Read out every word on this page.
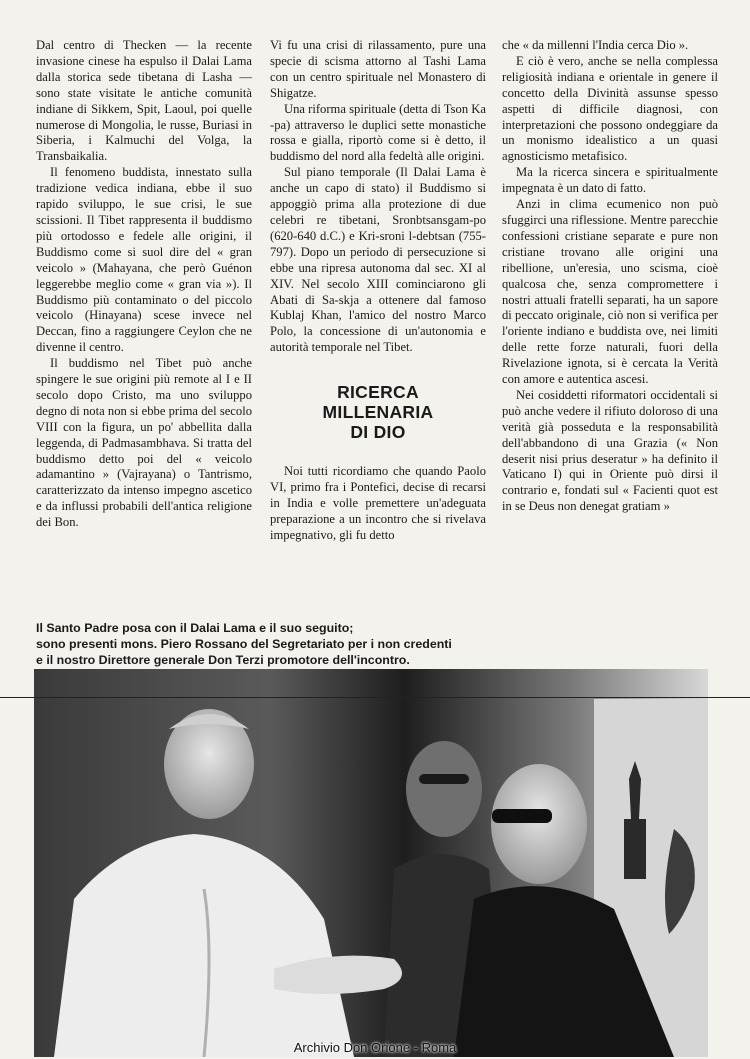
Dal centro di Thecken — la recente invasione cinese ha espulso il Dalai Lama dalla storica sede tibetana di Lasha — sono state visitate le antiche comunità indiane di Sikkem, Spit, Laoul, poi quelle numerose di Mongolia, le russe, Buriasi in Siberia, i Kalmuchi del Volga, la Transbaikalia.

Il fenomeno buddista, innestato sulla tradizione vedica indiana, ebbe il suo rapido sviluppo, le sue crisi, le sue scissioni. Il Tibet rappresenta il buddismo più ortodosso e fedele alle origini, il Buddismo come si suol dire del « gran veicolo » (Mahayana, che però Guénon leggerebbe meglio come « gran via »). Il Buddismo più contaminato o del piccolo veicolo (Hinayana) scese invece nel Deccan, fino a raggiungere Ceylon che ne divenne il centro.

Il buddismo nel Tibet può anche spingere le sue origini più remote al I e II secolo dopo Cristo, ma uno sviluppo degno di nota non si ebbe prima del secolo VIII con la figura, un po' abbellita dalla leggenda, di Padmasambhava. Si tratta del buddismo detto poi del « veicolo adamantino » (Vajrayana) o Tantrismo, caratterizzato da intenso impegno ascetico e da influssi probabili dell'antica religione dei Bon.

Vi fu una crisi di rilassamento, pure una specie di scisma attorno al Tashi Lama con un centro spirituale nel Monastero di Shigatze.

Una riforma spirituale (detta di Tson Ka -pa) attraverso le duplici sette monastiche rossa e gialla, riportò come si è detto, il buddismo del nord alla fedeltà alle origini.

Sul piano temporale (Il Dalai Lama è anche un capo di stato) il Buddismo si appoggiò prima alla protezione di due celebri re tibetani, Sronbtsansgam-po (620-640 d.C.) e Kri-sroni l-debtsan (755-797). Dopo un periodo di persecuzione si ebbe una ripresa autonoma dal sec. XI al XIV. Nel secolo XIII cominciarono gli Abati di Sa-skja a ottenere dal famoso Kublaj Khan, l'amico del nostro Marco Polo, la concessione di un'autonomia e autorità temporale nel Tibet.

RICERCA
MILLENARIA
DI DIO

Noi tutti ricordiamo che quando Paolo VI, primo fra i Pontefici, decise di recarsi in India e volle premettere un'adeguata preparazione a un incontro che si rivelava impegnativo, gli fu detto

che « da millenni l'India cerca Dio ».

E ciò è vero, anche se nella complessa religiosità indiana e orientale in genere il concetto della Divinità assunse spesso aspetti di difficile diagnosi, con interpretazioni che possono ondeggiare da un monismo idealistico a un quasi agnosticismo metafisico.

Ma la ricerca sincera e spiritualmente impegnata è un dato di fatto.

Anzi in clima ecumenico non può sfuggirci una riflessione. Mentre parecchie confessioni cristiane separate e pure non cristiane trovano alle origini una ribellione, un'eresia, uno scisma, cioè qualcosa che, senza compromettere i nostri attuali fratelli separati, ha un sapore di peccato originale, ciò non si verifica per l'oriente indiano e buddista ove, nei limiti delle rette forze naturali, fuori della Rivelazione ignota, si è cercata la Verità con amore e autentica ascesi.

Nei cosiddetti riformatori occidentali si può anche vedere il rifiuto doloroso di una verità già posseduta e la responsabilità dell'abbandono di una Grazia (« Non deserit nisi prius deseratur » ha definito il Vaticano I) qui in Oriente può dirsi il contrario e, fondati sul « Facienti quot est in se Deus non denegat gratiam »

Il Santo Padre posa con il Dalai Lama e il suo seguito;
sono presenti mons. Piero Rossano del Segretariato per i non credenti
e il nostro Direttore generale Don Terzi promotore dell'incontro.
Archivio Don Orione - Roma
